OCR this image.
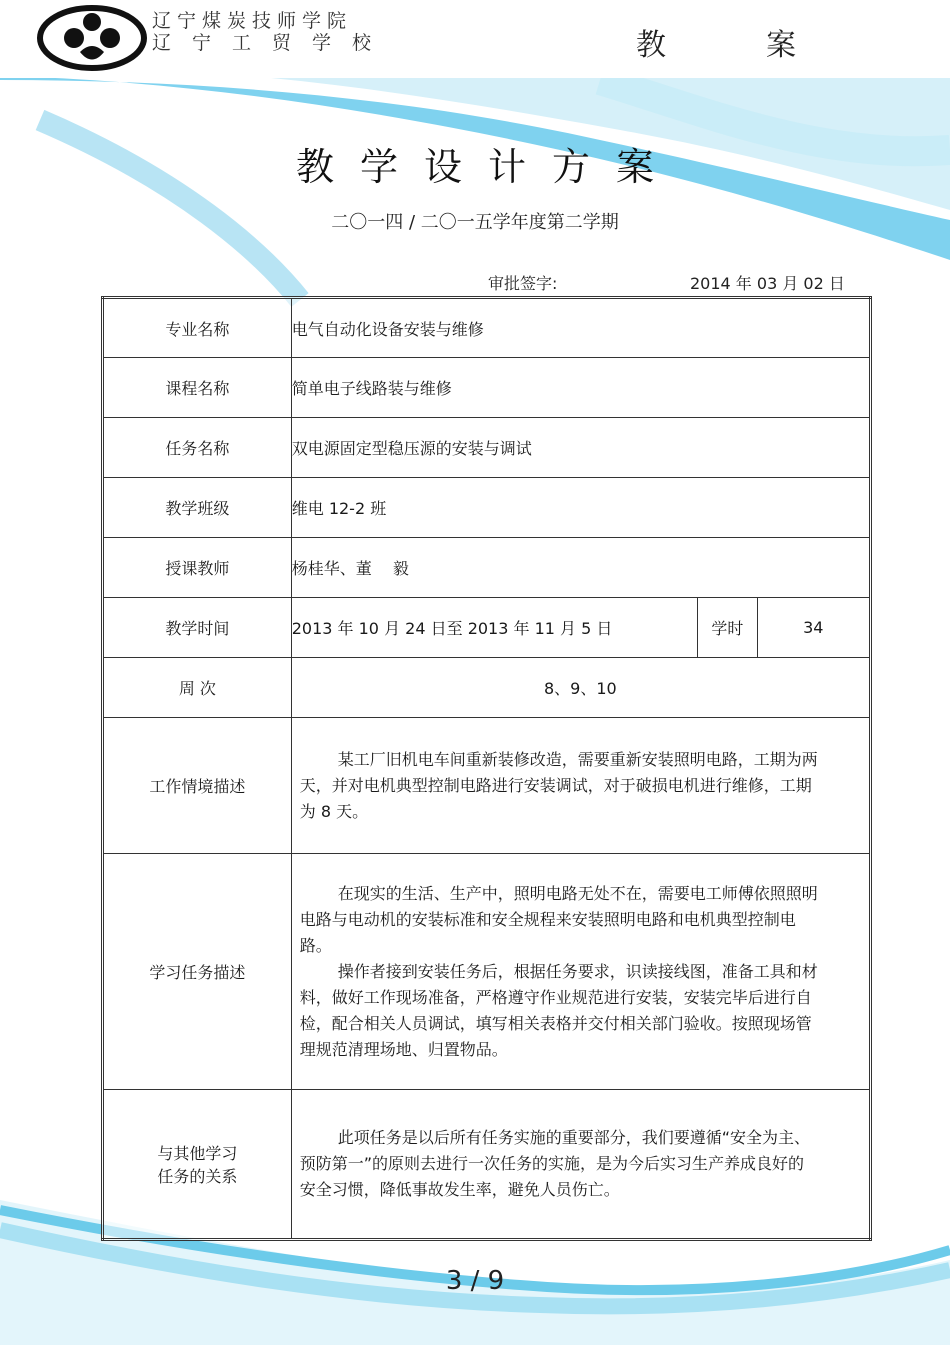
辽宁煤炭技师学院
辽宁工贸学校	教案
教学设计方案
二〇一四 / 二〇一五学年度第二学期
审批签字:	2014 年 03 月 02 日
专业名称	电气自动化设备安装与维修		
课程名称	简单电子线路装与维修		
任务名称	双电源固定型稳压源的安装与调试		
教学班级	维电 12-2 班		
授课教师	杨桂华、董　 毅		
教学时间	2013 年 10 月 24 日至 2013 年 11 月 5 日	学时	34
周 次	8、9、10		
工作情境描述	某工厂旧机电车间重新装修改造，需要重新安装照明电路，工期为两天，并对电机典型控制电路进行安装调试，对于破损电机进行维修，工期为 8 天。		

学习任务描述	在现实的生活、生产中，照明电路无处不在，需要电工师傅依照照明电路与电动机的安装标准和安全规程来安装照明电路和电机典型控制电路。

操作者接到安装任务后，根据任务要求，识读接线图，准备工具和材料，做好工作现场准备，严格遵守作业规范进行安装，安装完毕后进行自检，配合相关人员调试，填写相关表格并交付相关部门验收。按照现场管理规范清理场地、归置物品。		

与其他学习
任务的关系	此项任务是以后所有任务实施的重要部分，我们要遵循“安全为主、预防第一”的原则去进行一次任务的实施，是为今后实习生产养成良好的安全习惯，降低事故发生率，避免人员伤亡。		

3 / 9
